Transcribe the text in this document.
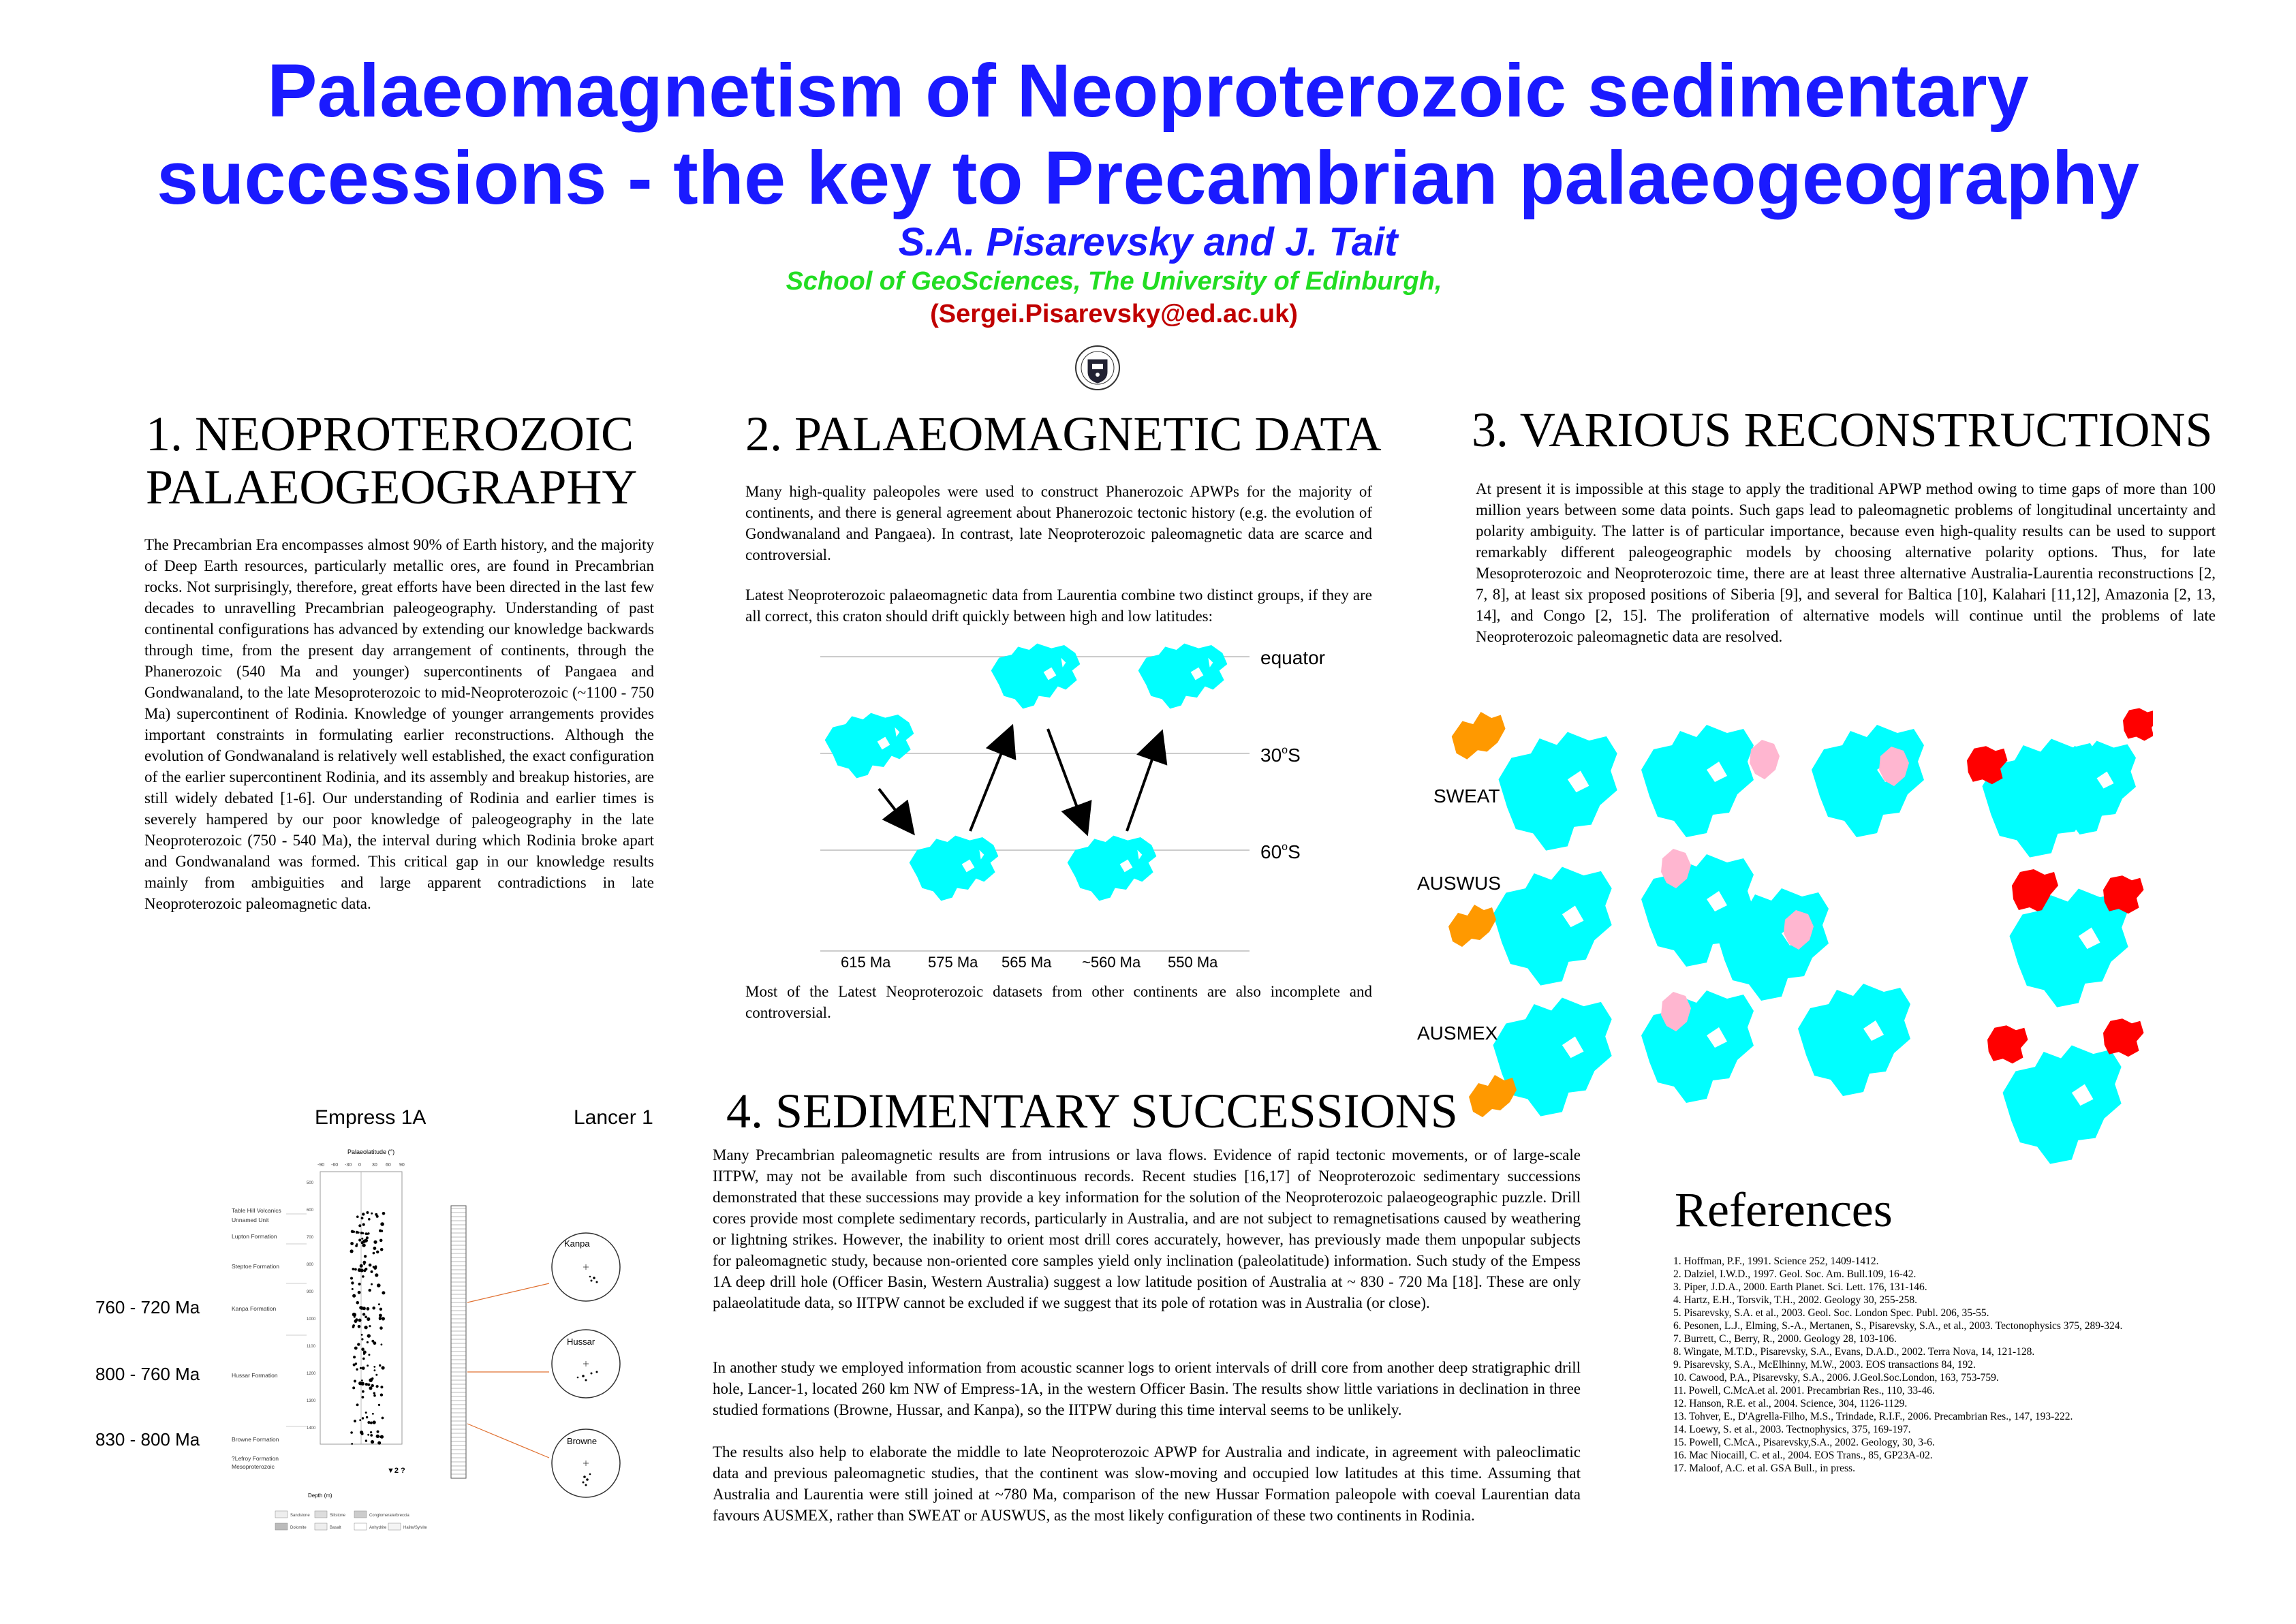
Palaeomagnetism of Neoproterozoic sedimentary
successions - the key to Precambrian palaeogeography
S.A. Pisarevsky and J. Tait
School of GeoSciences, The University of Edinburgh,
(Sergei.Pisarevsky@ed.ac.uk)
1. NEOPROTEROZOIC
PALAEOGEOGRAPHY
The Precambrian Era encompasses almost 90% of Earth history, and the majority of Deep Earth resources, particularly metallic ores, are found in Precambrian rocks. Not surprisingly, therefore, great efforts have been directed in the last few decades to unravelling Precambrian paleogeography. Understanding of past continental configurations has advanced by extending our knowledge backwards through time, from the present day arrangement of continents, through the Phanerozoic (540 Ma and younger) supercontinents of Pangaea and Gondwanaland, to the late Mesoproterozoic to mid-Neoproterozoic (~1100 - 750 Ma) supercontinent of Rodinia. Knowledge of younger arrangements provides important constraints in formulating earlier reconstructions. Although the evolution of Gondwanaland is relatively well established, the exact configuration of the earlier supercontinent Rodinia, and its assembly and breakup histories, are still widely debated [1-6]. Our understanding of Rodinia and earlier times is severely hampered by our poor knowledge of paleogeography in the late Neoproterozoic (750 - 540 Ma), the interval during which Rodinia broke apart and Gondwanaland was formed. This critical gap in our knowledge results mainly from ambiguities and large apparent contradictions in late Neoproterozoic paleomagnetic data.
2. PALAEOMAGNETIC DATA
Many high-quality paleopoles were used to construct Phanerozoic APWPs for the majority of continents, and there is general agreement about Phanerozoic tectonic history (e.g. the evolution of Gondwanaland and Pangaea). In contrast, late Neoproterozoic paleomagnetic data are scarce and controversial.
Latest Neoproterozoic palaeomagnetic data from Laurentia combine two distinct groups, if they are all correct, this craton should drift quickly between high and low latitudes:
equator
30$^o$S
60$^o$S
615 Ma 575 Ma 565 Ma ~560 Ma 550 Ma
Most of the Latest Neoproterozoic datasets from other continents are also incomplete and controversial.
3. VARIOUS RECONSTRUCTIONS
At present it is impossible at this stage to apply the traditional APWP method owing to time gaps of more than 100 million years between some data points. Such gaps lead to paleomagnetic problems of longitudinal uncertainty and polarity ambiguity. The latter is of particular importance, because even high-quality results can be used to support remarkably different paleogeographic models by choosing alternative polarity options. Thus, for late Mesoproterozoic and Neoproterozoic time, there are at least three alternative Australia-Laurentia reconstructions [2, 7, 8], at least six proposed positions of Siberia [9], and several for Baltica [10], Kalahari [11,12], Amazonia [2, 13, 14], and Congo [2, 15]. The proliferation of alternative models will continue until the problems of late Neoproterozoic paleomagnetic data are resolved.
SWEAT
AUSWUS
AUSMEX
4. SEDIMENTARY SUCCESSIONS
Many Precambrian paleomagnetic results are from intrusions or lava flows. Evidence of rapid tectonic movements, or of large-scale IITPW, may not be available from such discontinuous records. Recent studies [16,17] of Neoproterozoic sedimentary successions demonstrated that these successions may provide a key information for the solution of the Neoproterozoic palaeogeographic puzzle. Drill cores provide most complete sedimentary records, particularly in Australia, and are not subject to remagnetisations caused by weathering or lightning strikes. However, the inability to orient most drill cores accurately, however, has previously made them unpopular subjects for paleomagnetic study, because non-oriented core samples yield only inclination (paleolatitude) information. Such study of the Empess 1A deep drill hole (Officer Basin, Western Australia) suggest a low latitude position of Australia at ~ 830 - 720 Ma [18]. These are only palaeolatitude data, so IITPW cannot be excluded if we suggest that its pole of rotation was in Australia (or close).
In another study we employed information from acoustic scanner logs to orient intervals of drill core from another deep stratigraphic drill hole, Lancer-1, located 260 km NW of Empress-1A, in the western Officer Basin. The results show little variations in declination in three studied formations (Browne, Hussar, and Kanpa), so the IITPW during this time interval seems to be unlikely.
The results also help to elaborate the middle to late Neoproterozoic APWP for Australia and indicate, in agreement with paleoclimatic data and previous paleomagnetic studies, that the continent was slow-moving and occupied low latitudes at this time. Assuming that Australia and Laurentia were still joined at ~780 Ma, comparison of the new Hussar Formation paleopole with coeval Laurentian data favours AUSMEX, rather than SWEAT or AUSWUS, as the most likely configuration of these two continents in Rodinia.
Empress 1A	Lancer 1
760 - 720 Ma
800 - 760 Ma
830 - 800 Ma
Palaeolatitude (°)
-90 -60 -30 0 30 60 90
500
600
700
800
900
1000
1100
1200
1300
1400
Table Hill Volcanics
Unnamed Unit
Lupton Formation
Steptoe Formation
Kanpa Formation
Hussar Formation
Browne Formation
?Lefroy Formation
Mesoproterozoic
Depth (m)
▼2 ?
Kanpa
Hussar
Browne
Sandstone	Siltstone	Conglomerate/breccia
Dolomite	Basalt	Anhydrite	Halite/Sylvite
References
1. Hoffman, P.F., 1991. Science 252, 1409-1412.
2. Dalziel, I.W.D., 1997. Geol. Soc. Am. Bull.109, 16-42.
3. Piper, J.D.A., 2000. Earth Planet. Sci. Lett. 176, 131-146.
4. Hartz, E.H., Torsvik, T.H., 2002. Geology 30, 255-258.
5. Pisarevsky, S.A. et al., 2003. Geol. Soc. London Spec. Publ. 206, 35-55.
6. Pesonen, L.J., Elming, S.-A., Mertanen, S., Pisarevsky, S.A., et al., 2003. Tectonophysics 375, 289-324.
7. Burrett, C., Berry, R., 2000. Geology 28, 103-106.
8. Wingate, M.T.D., Pisarevsky, S.A., Evans, D.A.D., 2002. Terra Nova, 14, 121-128.
9. Pisarevsky, S.A., McElhinny, M.W., 2003. EOS transactions 84, 192.
10. Cawood, P.A., Pisarevsky, S.A., 2006. J.Geol.Soc.London, 163, 753-759.
11. Powell, C.McA.et al. 2001. Precambrian Res., 110, 33-46.
12. Hanson, R.E. et al., 2004. Science, 304, 1126-1129.
13. Tohver, E., D'Agrella-Filho, M.S., Trindade, R.I.F., 2006. Precambrian Res., 147, 193-222.
14. Loewy, S. et al., 2003. Tectnophysics, 375, 169-197.
15. Powell, C.McA., Pisarevsky,S.A., 2002. Geology, 30, 3-6.
16. Mac Niocaill, C. et al., 2004. EOS Trans., 85, GP23A-02.
17. Maloof, A.C. et al. GSA Bull., in press.
